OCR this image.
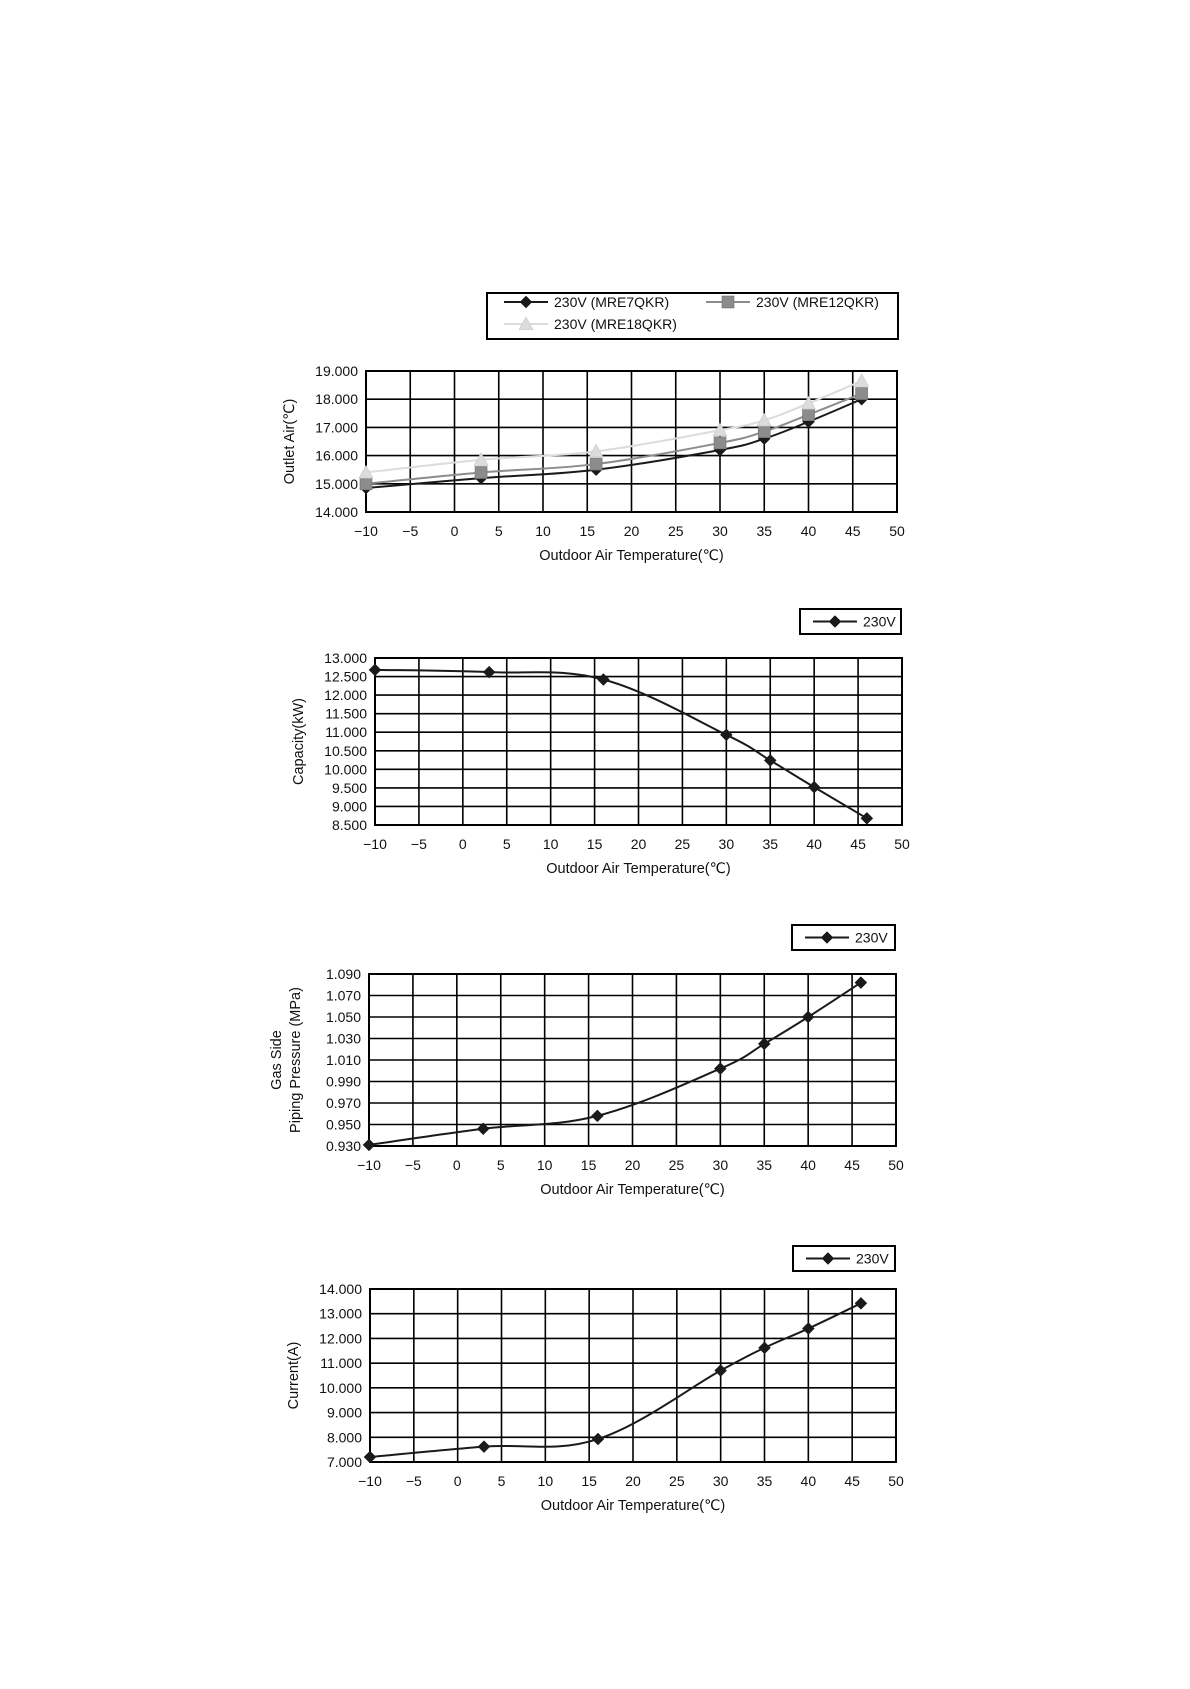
−10 −5 0	5 10 15 20 25 30 35 40 45 50
14.000
15.000
16.000
17.000
18.000
19.000
Outdoor Air Temperature(℃)
Outlet Air(℃)
230V (MRE7QKR)	230V (MRE12QKR)
230V (MRE18QKR)
−10 −5 0	5 10 15 20 25 30 35 40 45 50
8.500
9.000
9.500
10.000
10.500
11.000
11.500
12.000
12.500
13.000
Outdoor Air Temperature(℃)
Capacity(kW)
230V
−10 −5 0	5 10 15 20 25 30 35 40 45 50
0.930
0.950
0.970
0.990
1.010
1.030
1.050
1.070
1.090
Outdoor Air Temperature(℃)
Gas Side Piping Pressure (MPa)
230V
−10 −5 0	5 10 15 20 25 30 35 40 45 50
7.000
8.000
9.000
10.000
11.000
12.000
13.000
14.000
Outdoor Air Temperature(℃)
Current(A)
230V
